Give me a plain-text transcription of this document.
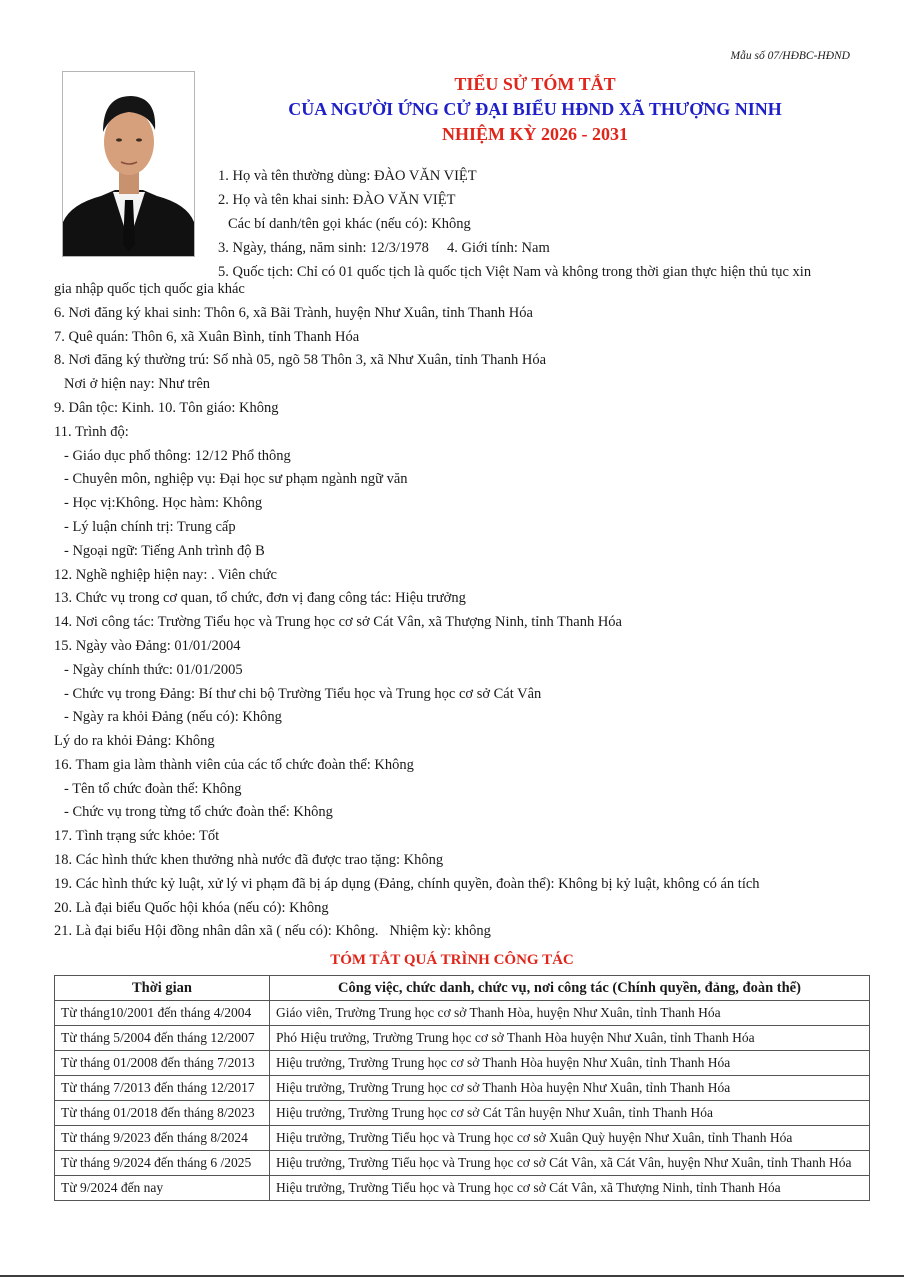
Mẫu số 07/HĐBC-HĐND
TIỂU SỬ TÓM TẮT
CỦA NGƯỜI ỨNG CỬ ĐẠI BIỂU HĐND XÃ THƯỢNG NINH
NHIỆM KỲ 2026 - 2031
1. Họ và tên thường dùng: ĐÀO VĂN VIỆT
2. Họ và tên khai sinh: ĐÀO VĂN VIỆT
Các bí danh/tên gọi khác (nếu có): Không
3. Ngày, tháng, năm sinh: 12/3/1978     4. Giới tính: Nam
5. Quốc tịch: Chỉ có 01 quốc tịch là quốc tịch Việt Nam và không trong thời gian thực hiện thủ tục xin
gia nhập quốc tịch quốc gia khác
6. Nơi đăng ký khai sinh: Thôn 6, xã Bãi Trành, huyện Như Xuân, tỉnh Thanh Hóa
7. Quê quán: Thôn 6, xã Xuân Bình, tỉnh Thanh Hóa
8. Nơi đăng ký thường trú: Số nhà 05, ngõ 58 Thôn 3, xã Như Xuân, tỉnh Thanh Hóa
Nơi ở hiện nay: Như trên
9. Dân tộc: Kinh. 10. Tôn giáo: Không
11. Trình độ:
- Giáo dục phổ thông: 12/12 Phổ thông
- Chuyên môn, nghiệp vụ: Đại học sư phạm ngành ngữ văn
- Học vị:Không. Học hàm: Không
- Lý luận chính trị: Trung cấp
- Ngoại ngữ: Tiếng Anh trình độ B
12. Nghề nghiệp hiện nay: . Viên chức
13. Chức vụ trong cơ quan, tổ chức, đơn vị đang công tác: Hiệu trưởng
14. Nơi công tác: Trường Tiểu học và Trung học cơ sở Cát Vân, xã Thượng Ninh, tỉnh Thanh Hóa
15. Ngày vào Đảng: 01/01/2004
- Ngày chính thức: 01/01/2005
- Chức vụ trong Đảng: Bí thư chi bộ Trường Tiểu học và Trung học cơ sở Cát Vân
- Ngày ra khỏi Đảng (nếu có): Không
Lý do ra khỏi Đảng: Không
16. Tham gia làm thành viên của các tổ chức đoàn thể: Không
- Tên tổ chức đoàn thể: Không
- Chức vụ trong từng tổ chức đoàn thể: Không
17. Tình trạng sức khỏe: Tốt
18. Các hình thức khen thưởng nhà nước đã được trao tặng: Không
19. Các hình thức kỷ luật, xử lý vi phạm đã bị áp dụng (Đảng, chính quyền, đoàn thể): Không bị kỷ luật, không có án tích
20. Là đại biểu Quốc hội khóa (nếu có): Không
21. Là đại biểu Hội đồng nhân dân xã ( nếu có): Không.   Nhiệm kỳ: không
TÓM TẮT QUÁ TRÌNH CÔNG TÁC
Thời gian	Công việc, chức danh, chức vụ, nơi công tác (Chính quyền, đảng, đoàn thể)
Từ tháng10/2001 đến tháng 4/2004	Giáo viên, Trường Trung học cơ sở Thanh Hòa, huyện Như Xuân, tỉnh Thanh Hóa
Từ tháng 5/2004 đến tháng 12/2007	Phó Hiệu trưởng, Trường Trung học cơ sở Thanh Hòa huyện Như Xuân, tỉnh Thanh Hóa
Từ tháng 01/2008 đến tháng 7/2013	Hiệu trưởng, Trường Trung học cơ sở Thanh Hòa huyện Như Xuân, tỉnh Thanh Hóa
Từ tháng 7/2013 đến tháng 12/2017	Hiệu trưởng, Trường Trung học cơ sở Thanh Hòa huyện Như Xuân, tỉnh Thanh Hóa
Từ tháng 01/2018 đến tháng 8/2023	Hiệu trưởng, Trường Trung học cơ sở Cát Tân huyện Như Xuân, tỉnh Thanh Hóa
Từ tháng 9/2023 đến tháng 8/2024	Hiệu trưởng, Trường Tiểu học và Trung học cơ sở Xuân Quỳ huyện Như Xuân, tỉnh Thanh Hóa
Từ tháng 9/2024 đến tháng 6 /2025	Hiệu trưởng, Trường Tiểu học và Trung học cơ sở Cát Vân, xã Cát Vân, huyện Như Xuân, tỉnh Thanh Hóa
Từ 9/2024 đến nay	Hiệu trưởng, Trường Tiểu học và Trung học cơ sở Cát Vân, xã Thượng Ninh, tỉnh Thanh Hóa
